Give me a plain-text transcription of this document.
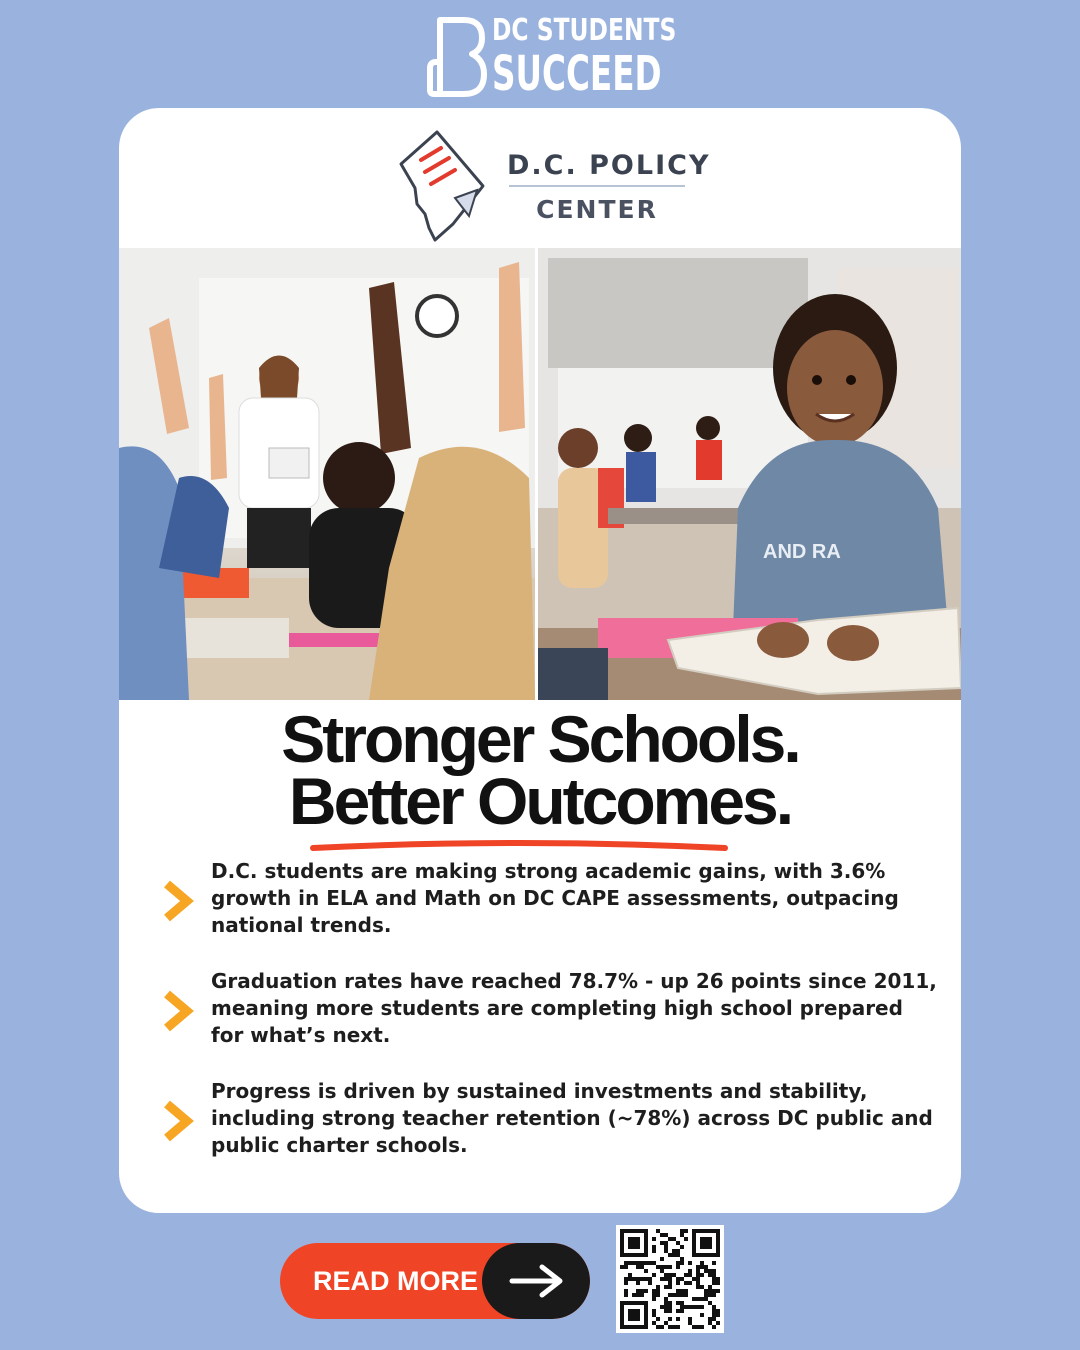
DC STUDENTS
SUCCEED
D.C. POLICY
CENTER
AND RA
Stronger Schools.
Better Outcomes.
D.C. students are making strong academic gains, with 3.6% growth in ELA and Math on DC CAPE assessments, outpacing national trends.
Graduation rates have reached 78.7% - up 26 points since 2011, meaning more students are completing high school prepared for what’s next.
Progress is driven by sustained investments and stability, including strong teacher retention (~78%) across DC public and public charter schools.
READ MORE
